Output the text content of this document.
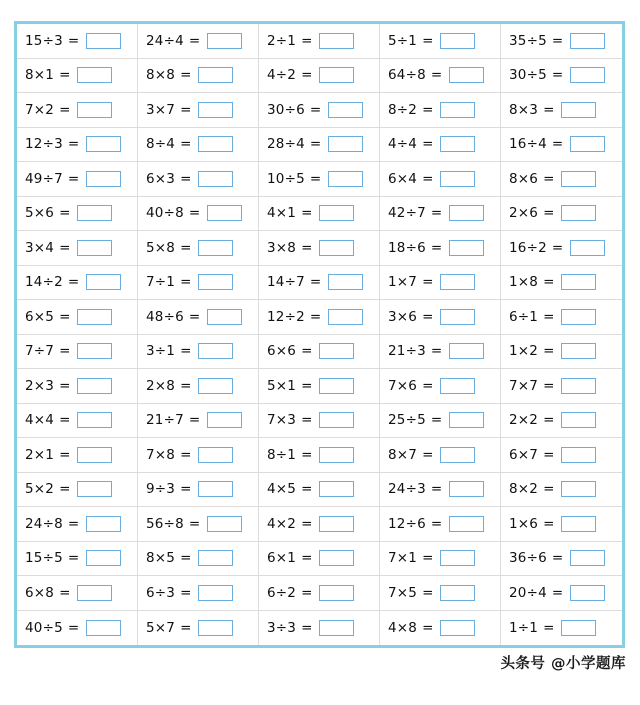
15÷3 =	24÷4 =	2÷1 =	5÷1 =	35÷5 =
8×1 =	8×8 =	4÷2 =	64÷8 =	30÷5 =
7×2 =	3×7 =	30÷6 =	8÷2 =	8×3 =
12÷3 =	8÷4 =	28÷4 =	4÷4 =	16÷4 =
49÷7 =	6×3 =	10÷5 =	6×4 =	8×6 =
5×6 =	40÷8 =	4×1 =	42÷7 =	2×6 =
3×4 =	5×8 =	3×8 =	18÷6 =	16÷2 =
14÷2 =	7÷1 =	14÷7 =	1×7 =	1×8 =
6×5 =	48÷6 =	12÷2 =	3×6 =	6÷1 =
7÷7 =	3÷1 =	6×6 =	21÷3 =	1×2 =
2×3 =	2×8 =	5×1 =	7×6 =	7×7 =
4×4 =	21÷7 =	7×3 =	25÷5 =	2×2 =
2×1 =	7×8 =	8÷1 =	8×7 =	6×7 =
5×2 =	9÷3 =	4×5 =	24÷3 =	8×2 =
24÷8 =	56÷8 =	4×2 =	12÷6 =	1×6 =
15÷5 =	8×5 =	6×1 =	7×1 =	36÷6 =
6×8 =	6÷3 =	6÷2 =	7×5 =	20÷4 =
40÷5 =	5×7 =	3÷3 =	4×8 =	1÷1 =
头条号 @小学题库
